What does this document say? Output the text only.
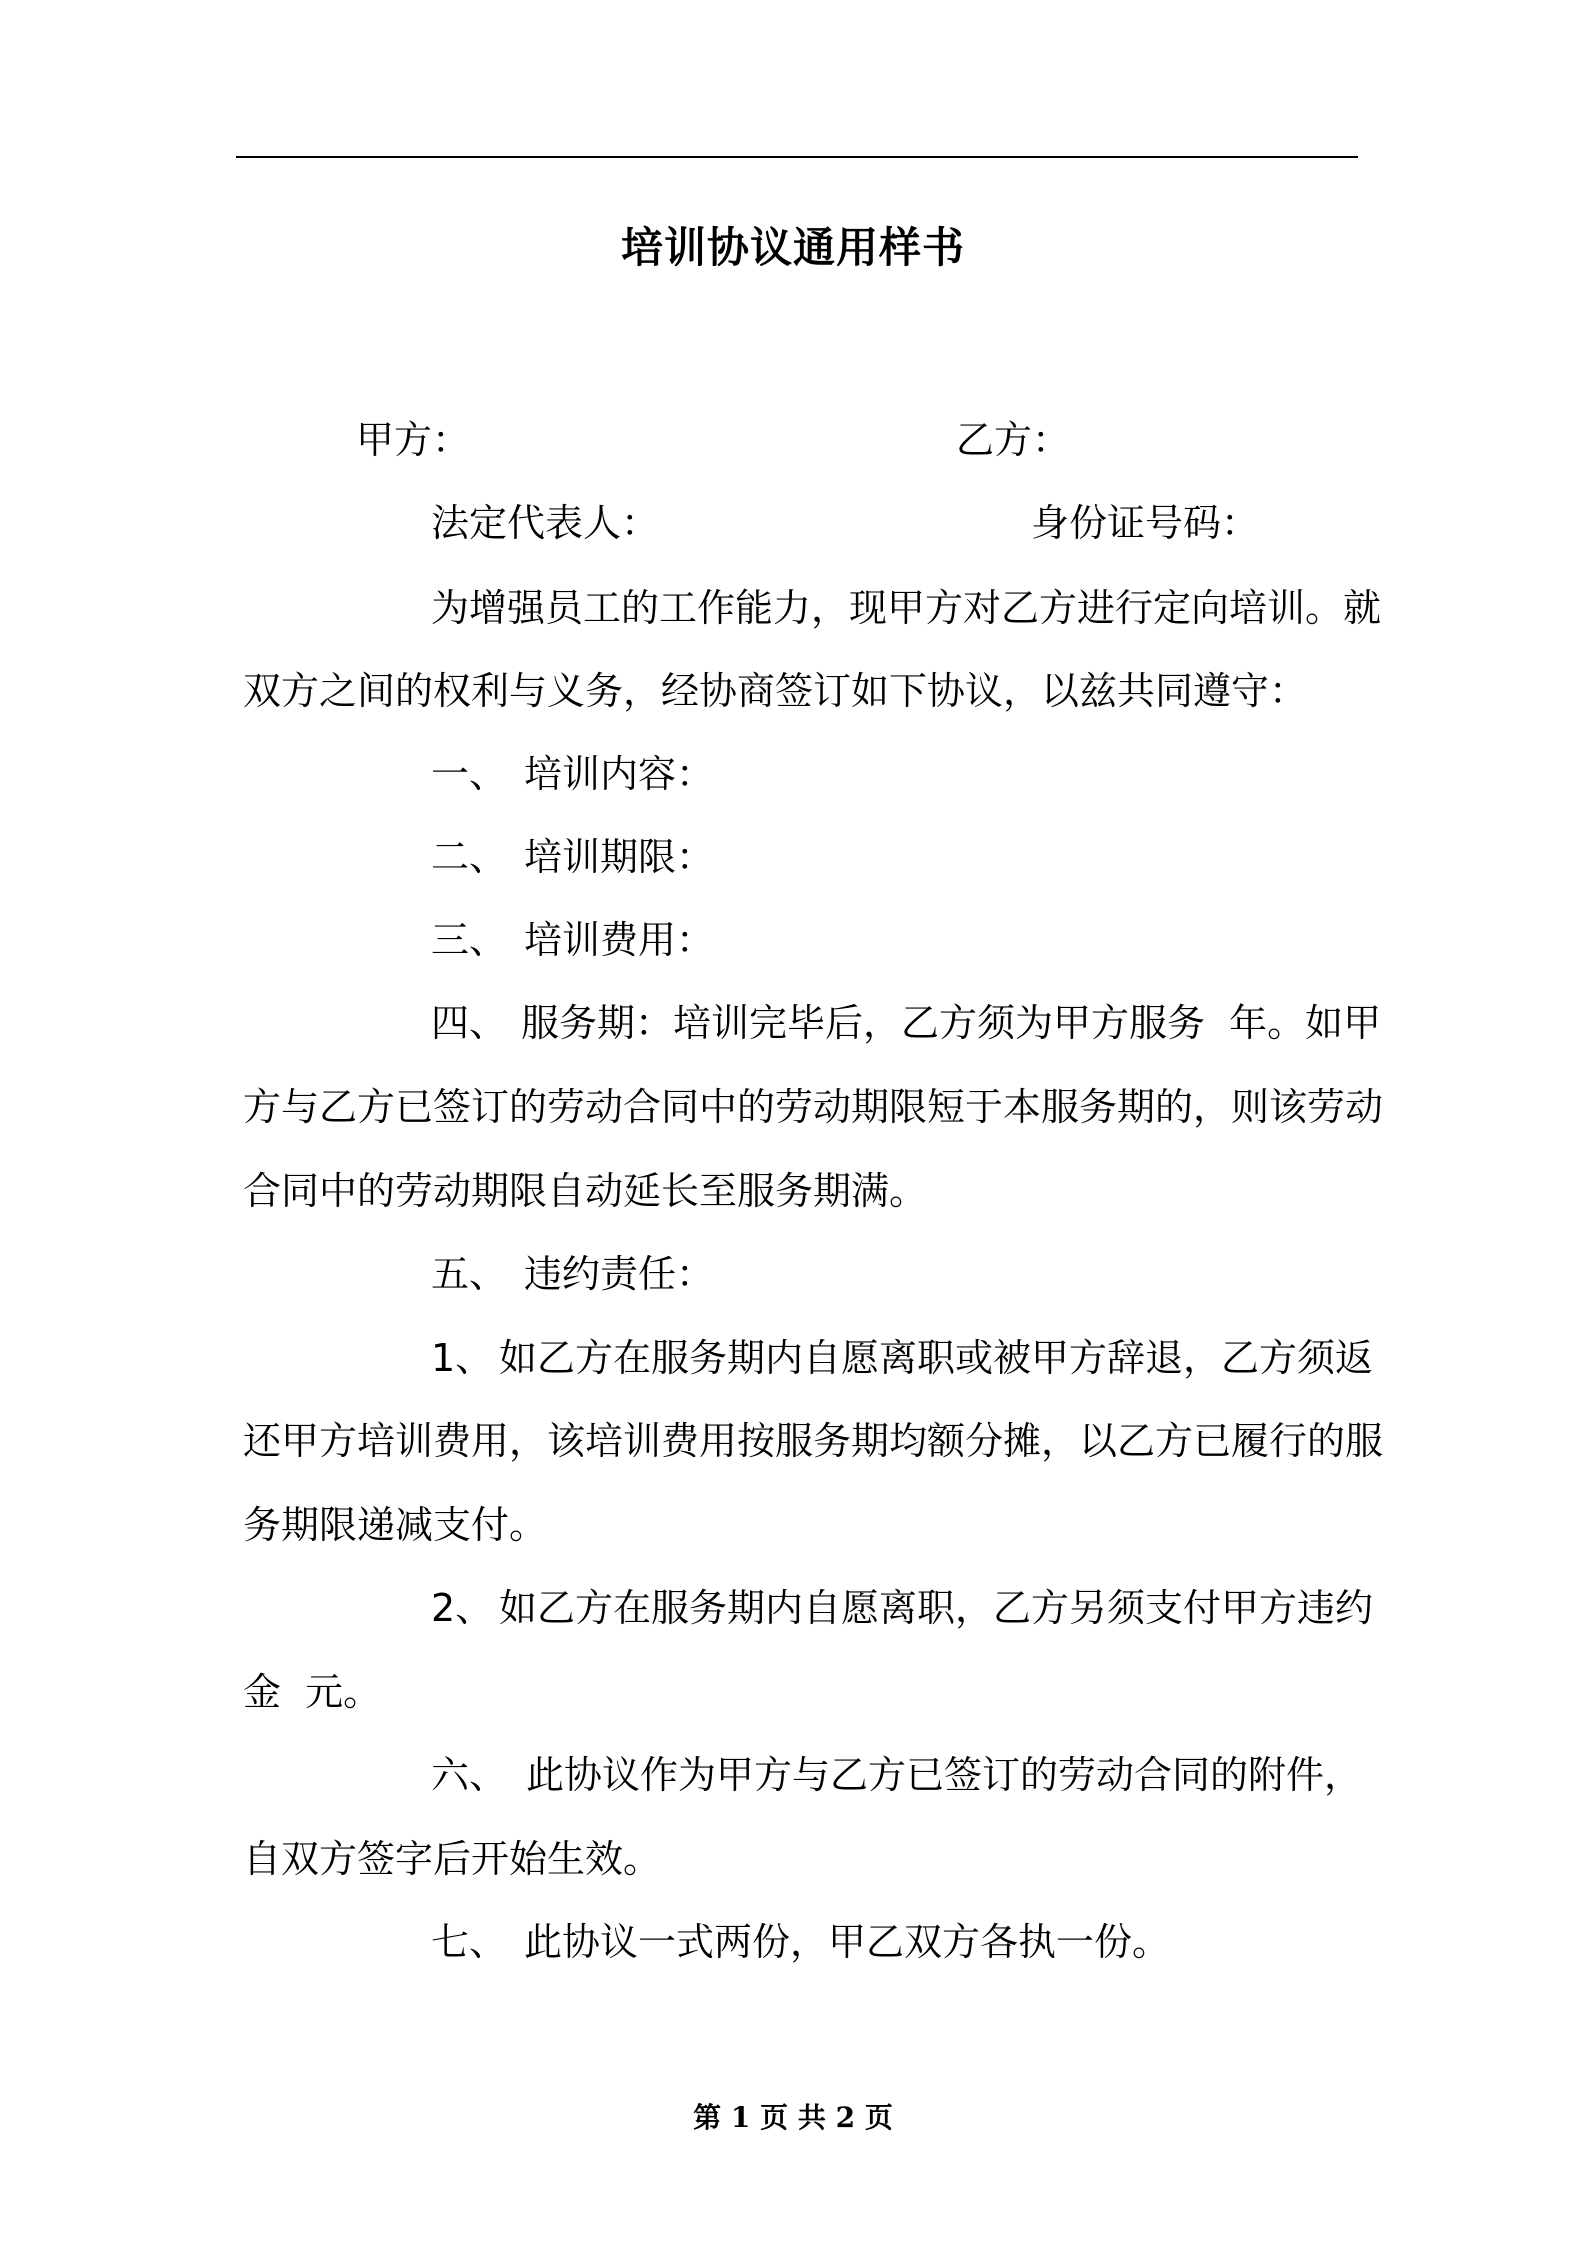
培训协议通用样书
甲方：	乙方：
法定代表人：	身份证号码：
为增强员工的工作能力，现甲方对乙方进行定向培训。就
双方之间的权利与义务，经协商签订如下协议，以兹共同遵守：
一、 培训内容：
二、 培训期限：
三、 培训费用：
四、 服务期：培训完毕后，乙方须为甲方服务  年。如甲
方与乙方已签订的劳动合同中的劳动期限短于本服务期的，则该劳动
合同中的劳动期限自动延长至服务期满。
五、 违约责任：
1、 如乙方在服务期内自愿离职或被甲方辞退，乙方须返
还甲方培训费用，该培训费用按服务期均额分摊，以乙方已履行的服
务期限递减支付。
2、 如乙方在服务期内自愿离职，乙方另须支付甲方违约
金  元。
六、 此协议作为甲方与乙方已签订的劳动合同的附件，
自双方签字后开始生效。
七、 此协议一式两份，甲乙双方各执一份。
第 1 页 共 2 页
